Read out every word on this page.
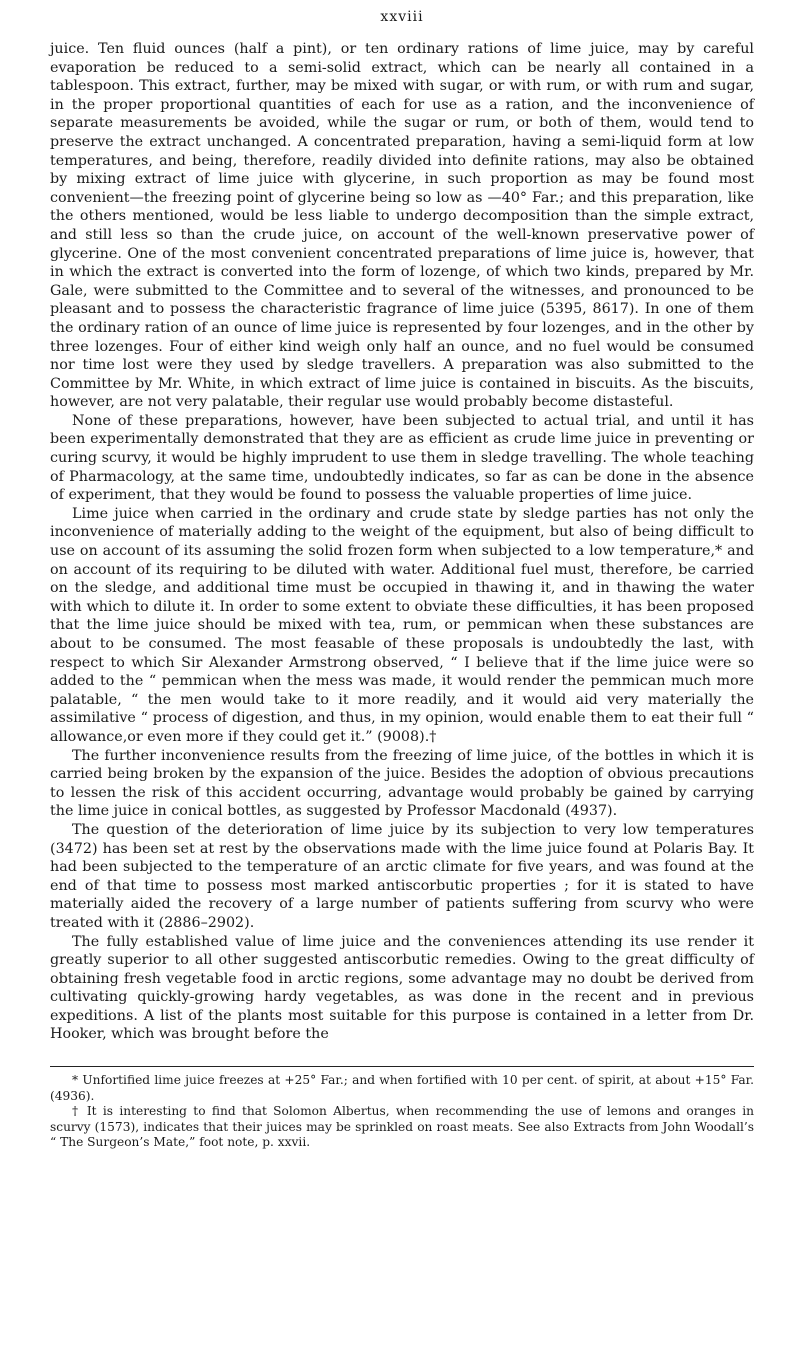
xxviii

juice. Ten fluid ounces (half a pint), or ten ordinary rations of lime juice, may by careful evaporation be reduced to a semi-solid extract, which can be nearly all contained in a tablespoon. This extract, further, may be mixed with sugar, or with rum, or with rum and sugar, in the proper proportional quantities of each for use as a ration, and the inconvenience of separate measurements be avoided, while the sugar or rum, or both of them, would tend to preserve the extract unchanged. A concentrated preparation, having a semi-liquid form at low temperatures, and being, therefore, readily divided into definite rations, may also be obtained by mixing extract of lime juice with glycerine, in such proportion as may be found most convenient—the freezing point of glycerine being so low as —40° Far.; and this preparation, like the others mentioned, would be less liable to undergo decomposition than the simple extract, and still less so than the crude juice, on account of the well-known preservative power of glycerine. One of the most convenient concentrated preparations of lime juice is, however, that in which the extract is converted into the form of lozenge, of which two kinds, prepared by Mr. Gale, were submitted to the Committee and to several of the witnesses, and pronounced to be pleasant and to possess the characteristic fragrance of lime juice (5395, 8617). In one of them the ordinary ration of an ounce of lime juice is represented by four lozenges, and in the other by three lozenges. Four of either kind weigh only half an ounce, and no fuel would be consumed nor time lost were they used by sledge travellers. A preparation was also submitted to the Committee by Mr. White, in which extract of lime juice is contained in biscuits. As the biscuits, however, are not very palatable, their regular use would probably become distasteful.

None of these preparations, however, have been subjected to actual trial, and until it has been experimentally demonstrated that they are as efficient as crude lime juice in preventing or curing scurvy, it would be highly imprudent to use them in sledge travelling. The whole teaching of Pharmacology, at the same time, undoubtedly indicates, so far as can be done in the absence of experiment, that they would be found to possess the valuable properties of lime juice.

Lime juice when carried in the ordinary and crude state by sledge parties has not only the inconvenience of materially adding to the weight of the equipment, but also of being difficult to use on account of its assuming the solid frozen form when subjected to a low temperature,* and on account of its requiring to be diluted with water. Additional fuel must, therefore, be carried on the sledge, and additional time must be occupied in thawing it, and in thawing the water with which to dilute it. In order to some extent to obviate these difficulties, it has been proposed that the lime juice should be mixed with tea, rum, or pemmican when these substances are about to be consumed. The most feasable of these proposals is undoubtedly the last, with respect to which Sir Alexander Armstrong observed, “ I believe that if the lime juice were so added to the “ pemmican when the mess was made, it would render the pemmican much more palatable, “ the men would take to it more readily, and it would aid very materially the assimilative “ process of digestion, and thus, in my opinion, would enable them to eat their full “ allowance,or even more if they could get it.” (9008).†

The further inconvenience results from the freezing of lime juice, of the bottles in which it is carried being broken by the expansion of the juice. Besides the adoption of obvious precautions to lessen the risk of this accident occurring, advantage would probably be gained by carrying the lime juice in conical bottles, as suggested by Professor Macdonald (4937).

The question of the deterioration of lime juice by its subjection to very low temperatures (3472) has been set at rest by the observations made with the lime juice found at Polaris Bay. It had been subjected to the temperature of an arctic climate for five years, and was found at the end of that time to possess most marked antiscorbutic properties ; for it is stated to have materially aided the recovery of a large number of patients suffering from scurvy who were treated with it (2886–2902).

The fully established value of lime juice and the conveniences attending its use render it greatly superior to all other suggested antiscorbutic remedies. Owing to the great difficulty of obtaining fresh vegetable food in arctic regions, some advantage may no doubt be derived from cultivating quickly-growing hardy vegetables, as was done in the recent and in previous expeditions. A list of the plants most suitable for this purpose is contained in a letter from Dr. Hooker, which was brought before the

* Unfortified lime juice freezes at +25° Far.; and when fortified with 10 per cent. of spirit, at about +15° Far. (4936).

† It is interesting to find that Solomon Albertus, when recommending the use of lemons and oranges in scurvy (1573), indicates that their juices may be sprinkled on roast meats. See also Extracts from John Woodall’s “ The Surgeon’s Mate,” foot note, p. xxvii.
